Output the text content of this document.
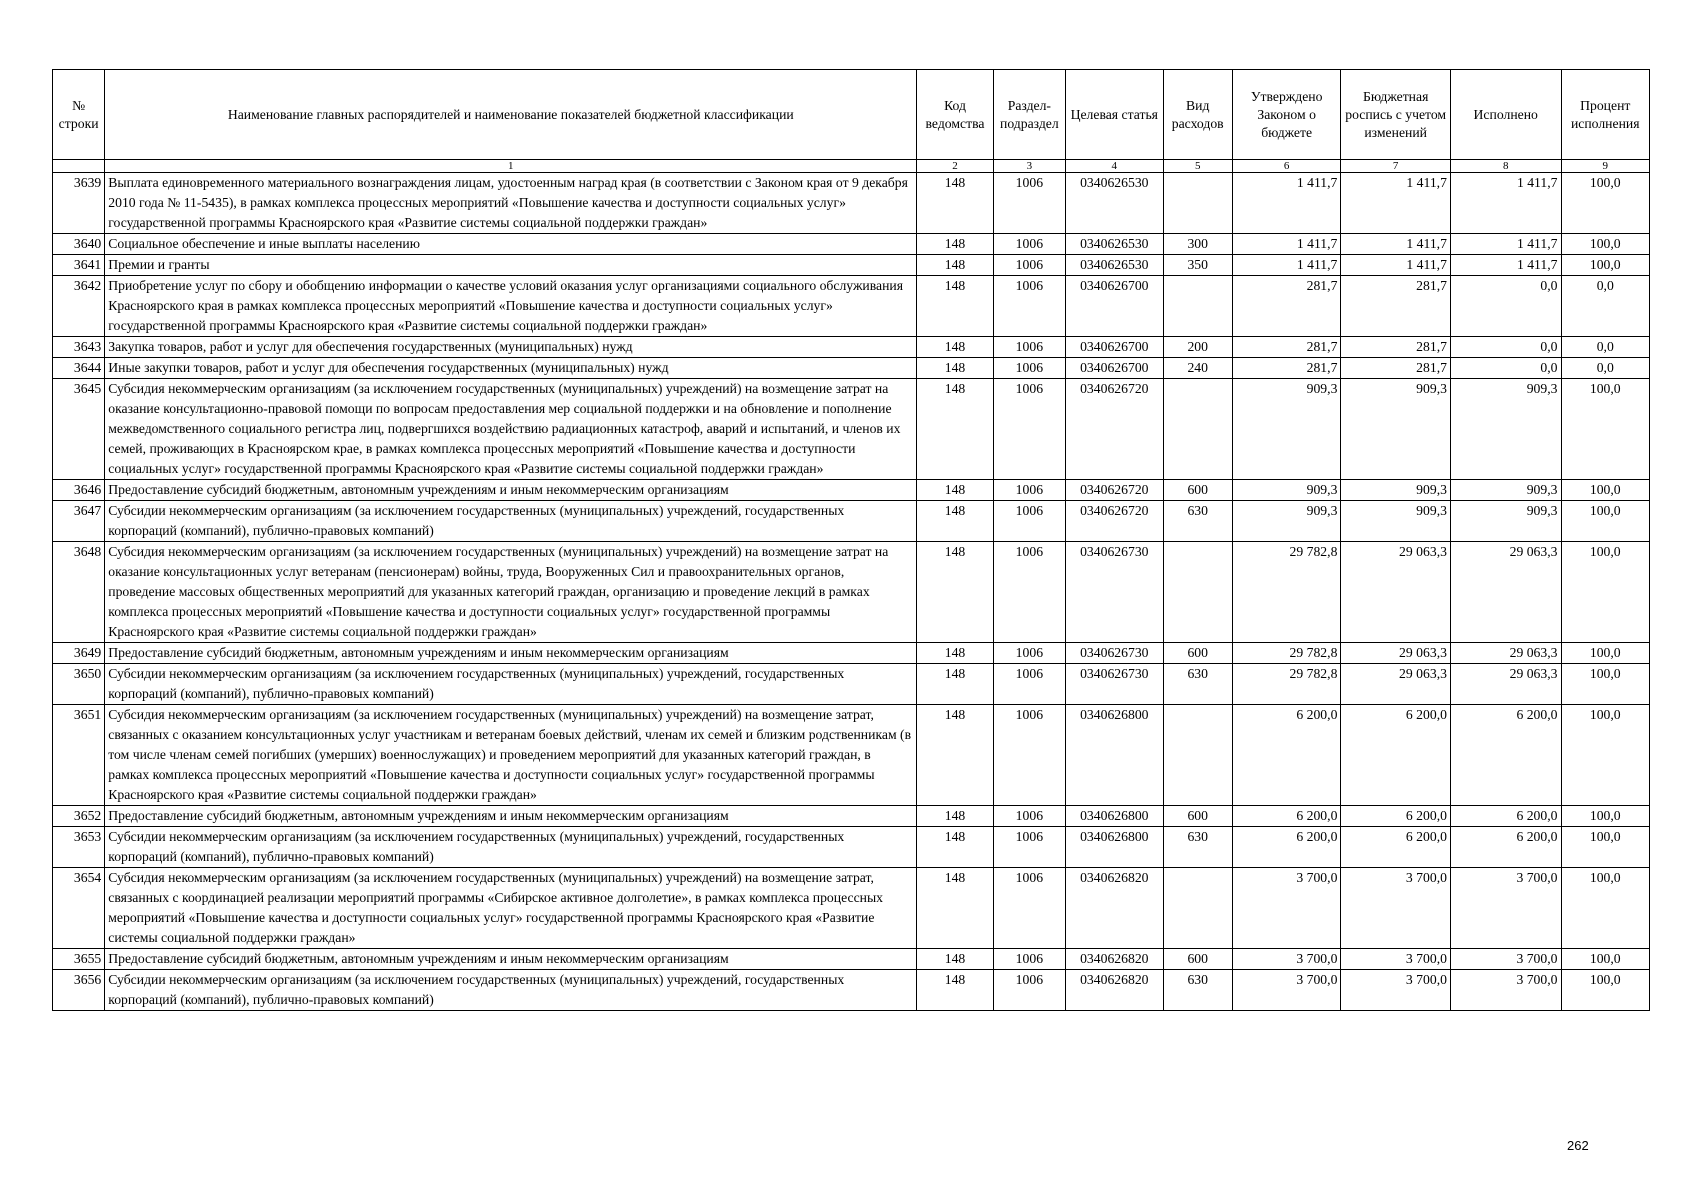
№ строки	Наименование главных распорядителей и наименование показателей бюджетной классификации	Код ведомства	Раздел-подраздел	Целевая статья	Вид расходов	Утверждено Законом о бюджете	Бюджетная роспись с учетом изменений	Исполнено	Процент исполнения
	1	2	3	4	5	6	7	8	9
3639	Выплата единовременного материального вознаграждения лицам, удостоенным наград края (в соответствии с Законом края от 9 декабря 2010 года № 11-5435), в рамках комплекса процессных мероприятий «Повышение качества и доступности социальных услуг» государственной программы Красноярского края «Развитие системы социальной поддержки граждан»	148	1006	0340626530		1 411,7	1 411,7	1 411,7	100,0
3640	Социальное обеспечение и иные выплаты населению	148	1006	0340626530	300	1 411,7	1 411,7	1 411,7	100,0
3641	Премии и гранты	148	1006	0340626530	350	1 411,7	1 411,7	1 411,7	100,0
3642	Приобретение услуг по сбору и обобщению информации о качестве условий оказания услуг организациями социального обслуживания Красноярского края в рамках комплекса процессных мероприятий «Повышение качества и доступности социальных услуг» государственной программы Красноярского края «Развитие системы социальной поддержки граждан»	148	1006	0340626700		281,7	281,7	0,0	0,0
3643	Закупка товаров, работ и услуг для обеспечения государственных (муниципальных) нужд	148	1006	0340626700	200	281,7	281,7	0,0	0,0
3644	Иные закупки товаров, работ и услуг для обеспечения государственных (муниципальных) нужд	148	1006	0340626700	240	281,7	281,7	0,0	0,0
3645	Субсидия некоммерческим организациям (за исключением государственных (муниципальных) учреждений) на возмещение затрат на оказание консультационно-правовой помощи по вопросам предоставления мер социальной поддержки и на обновление и пополнение межведомственного социального регистра лиц, подвергшихся воздействию радиационных катастроф, аварий и испытаний, и членов их семей, проживающих в Красноярском крае, в рамках комплекса процессных мероприятий «Повышение качества и доступности социальных услуг» государственной программы Красноярского края «Развитие системы социальной поддержки граждан»	148	1006	0340626720		909,3	909,3	909,3	100,0
3646	Предоставление субсидий бюджетным, автономным учреждениям и иным некоммерческим организациям	148	1006	0340626720	600	909,3	909,3	909,3	100,0
3647	Субсидии некоммерческим организациям (за исключением государственных (муниципальных) учреждений, государственных корпораций (компаний), публично-правовых компаний)	148	1006	0340626720	630	909,3	909,3	909,3	100,0
3648	Субсидия некоммерческим организациям (за исключением государственных (муниципальных) учреждений) на возмещение затрат на оказание консультационных услуг ветеранам (пенсионерам) войны, труда, Вооруженных Сил и правоохранительных органов, проведение массовых общественных мероприятий для указанных категорий граждан, организацию и проведение лекций в рамках комплекса процессных мероприятий «Повышение качества и доступности социальных услуг» государственной программы Красноярского края «Развитие системы социальной поддержки граждан»	148	1006	0340626730		29 782,8	29 063,3	29 063,3	100,0
3649	Предоставление субсидий бюджетным, автономным учреждениям и иным некоммерческим организациям	148	1006	0340626730	600	29 782,8	29 063,3	29 063,3	100,0
3650	Субсидии некоммерческим организациям (за исключением государственных (муниципальных) учреждений, государственных корпораций (компаний), публично-правовых компаний)	148	1006	0340626730	630	29 782,8	29 063,3	29 063,3	100,0
3651	Субсидия некоммерческим организациям (за исключением государственных (муниципальных) учреждений) на возмещение затрат, связанных с оказанием консультационных услуг участникам и ветеранам боевых действий, членам их семей и близким родственникам (в том числе членам семей погибших (умерших) военнослужащих) и проведением мероприятий для указанных категорий граждан, в рамках комплекса процессных мероприятий «Повышение качества и доступности социальных услуг» государственной программы Красноярского края «Развитие системы социальной поддержки граждан»	148	1006	0340626800		6 200,0	6 200,0	6 200,0	100,0
3652	Предоставление субсидий бюджетным, автономным учреждениям и иным некоммерческим организациям	148	1006	0340626800	600	6 200,0	6 200,0	6 200,0	100,0
3653	Субсидии некоммерческим организациям (за исключением государственных (муниципальных) учреждений, государственных корпораций (компаний), публично-правовых компаний)	148	1006	0340626800	630	6 200,0	6 200,0	6 200,0	100,0
3654	Субсидия некоммерческим организациям (за исключением государственных (муниципальных) учреждений) на возмещение затрат, связанных с координацией реализации мероприятий программы «Сибирское активное долголетие», в рамках комплекса процессных мероприятий «Повышение качества и доступности социальных услуг» государственной программы Красноярского края «Развитие системы социальной поддержки граждан»	148	1006	0340626820		3 700,0	3 700,0	3 700,0	100,0
3655	Предоставление субсидий бюджетным, автономным учреждениям и иным некоммерческим организациям	148	1006	0340626820	600	3 700,0	3 700,0	3 700,0	100,0
3656	Субсидии некоммерческим организациям (за исключением государственных (муниципальных) учреждений, государственных корпораций (компаний), публично-правовых компаний)	148	1006	0340626820	630	3 700,0	3 700,0	3 700,0	100,0
262
